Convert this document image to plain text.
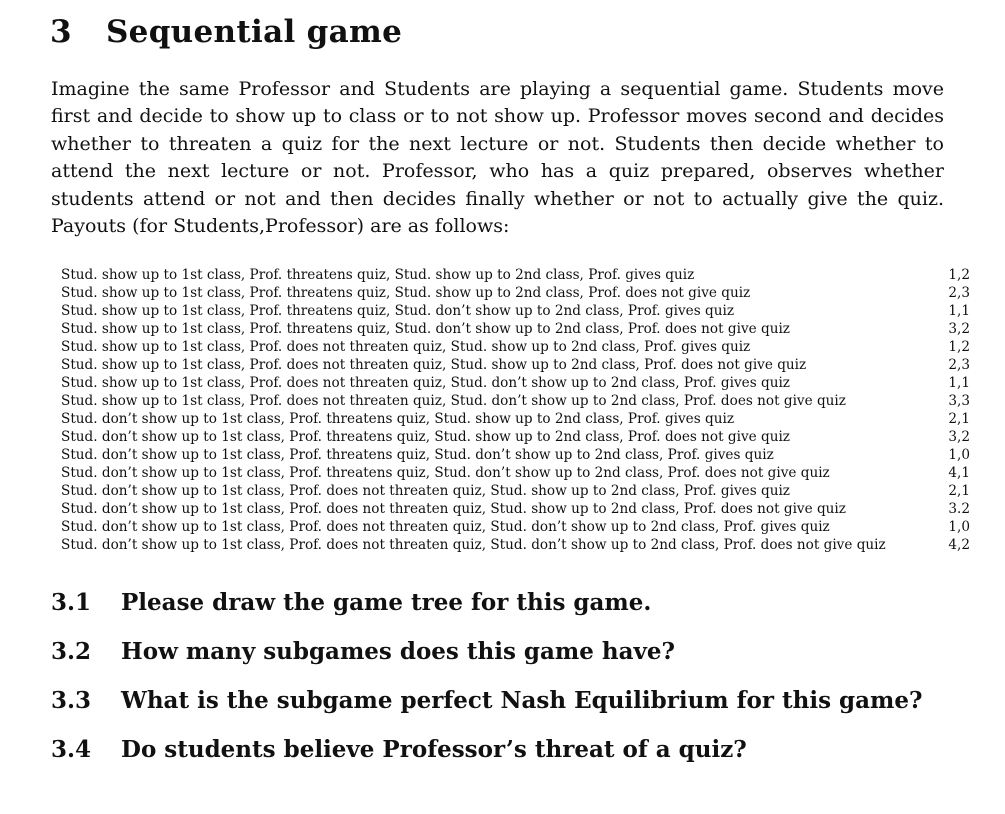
3 Sequential game
Imagine the same Professor and Students are playing a sequential game. Students move first and decide to show up to class or to not show up. Professor moves second and decides whether to threaten a quiz for the next lecture or not. Students then decide whether to attend the next lecture or not. Professor, who has a quiz prepared, observes whether students attend or not and then decides finally whether or not to actually give the quiz. Payouts (for Students,Professor) are as follows:
Stud. show up to 1st class, Prof. threatens quiz, Stud. show up to 2nd class, Prof. gives quiz	1,2
Stud. show up to 1st class, Prof. threatens quiz, Stud. show up to 2nd class, Prof. does not give quiz	2,3
Stud. show up to 1st class, Prof. threatens quiz, Stud. don’t show up to 2nd class, Prof. gives quiz	1,1
Stud. show up to 1st class, Prof. threatens quiz, Stud. don’t show up to 2nd class, Prof. does not give quiz	3,2
Stud. show up to 1st class, Prof. does not threaten quiz, Stud. show up to 2nd class, Prof. gives quiz	1,2
Stud. show up to 1st class, Prof. does not threaten quiz, Stud. show up to 2nd class, Prof. does not give quiz	2,3
Stud. show up to 1st class, Prof. does not threaten quiz, Stud. don’t show up to 2nd class, Prof. gives quiz	1,1
Stud. show up to 1st class, Prof. does not threaten quiz, Stud. don’t show up to 2nd class, Prof. does not give quiz	3,3
Stud. don’t show up to 1st class, Prof. threatens quiz, Stud. show up to 2nd class, Prof. gives quiz	2,1
Stud. don’t show up to 1st class, Prof. threatens quiz, Stud. show up to 2nd class, Prof. does not give quiz	3,2
Stud. don’t show up to 1st class, Prof. threatens quiz, Stud. don’t show up to 2nd class, Prof. gives quiz	1,0
Stud. don’t show up to 1st class, Prof. threatens quiz, Stud. don’t show up to 2nd class, Prof. does not give quiz	4,1
Stud. don’t show up to 1st class, Prof. does not threaten quiz, Stud. show up to 2nd class, Prof. gives quiz	2,1
Stud. don’t show up to 1st class, Prof. does not threaten quiz, Stud. show up to 2nd class, Prof. does not give quiz	3.2
Stud. don’t show up to 1st class, Prof. does not threaten quiz, Stud. don’t show up to 2nd class, Prof. gives quiz	1,0
Stud. don’t show up to 1st class, Prof. does not threaten quiz, Stud. don’t show up to 2nd class, Prof. does not give quiz	4,2
3.1 Please draw the game tree for this game.
3.2 How many subgames does this game have?
3.3 What is the subgame perfect Nash Equilibrium for this game?
3.4 Do students believe Professor’s threat of a quiz?
